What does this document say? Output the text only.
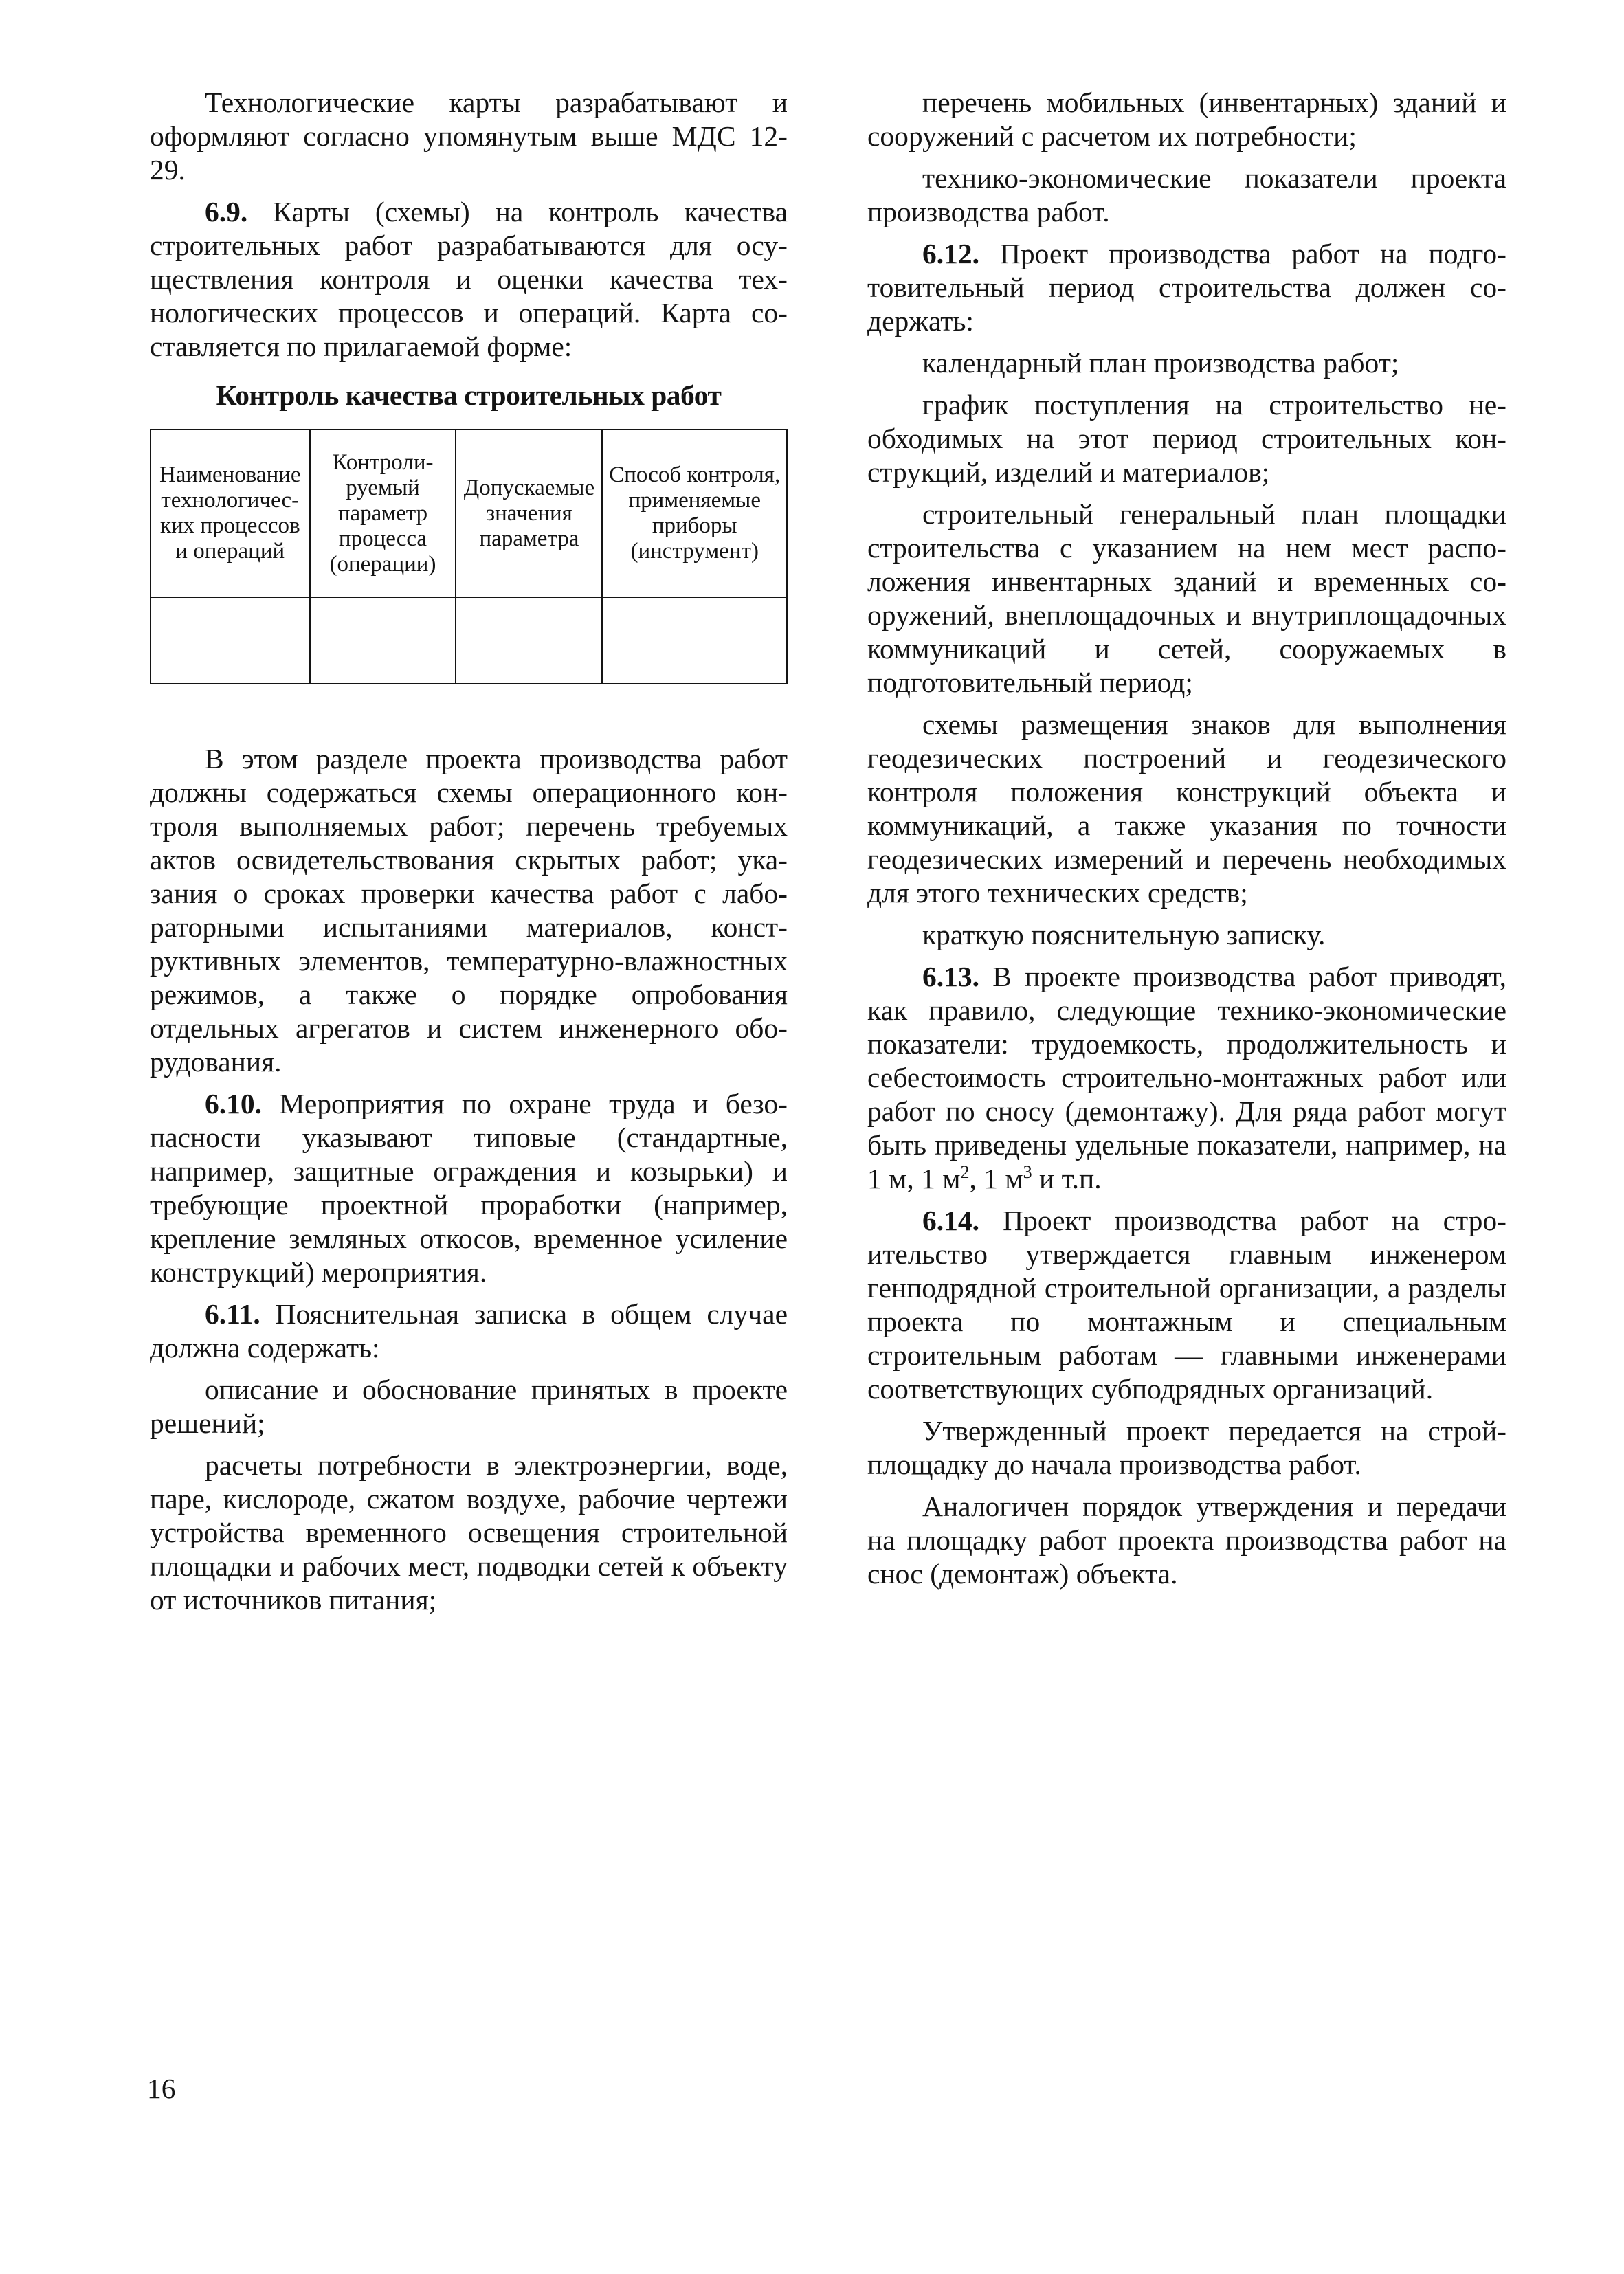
Технологические карты разрабатывают и оформляют согласно упомянутым выше МДС 12-29.

6.9. Карты (схемы) на контроль качества строительных работ разрабатываются для осуществления контроля и оценки качества технологических процессов и операций. Карта составляется по прилагаемой форме:

Контроль качества строительных работ

Наименование технологических процессов и операций	Контролируемый параметр процесса (операции)	Допускаемые значения параметра	Способ контроля, применяемые приборы (инструмент)

В этом разделе проекта производства работ должны содержаться схемы операционного контроля выполняемых работ; перечень требуемых актов освидетельствования скрытых работ; указания о сроках проверки качества работ с лабораторными испытаниями материалов, конструктивных элементов, температурно-влажностных режимов, а также о порядке опробования отдельных агрегатов и систем инженерного оборудования.

6.10. Мероприятия по охране труда и безопасности указывают типовые (стандартные, например, защитные ограждения и козырьки) и требующие проектной проработки (например, крепление земляных откосов, временное усиление конструкций) мероприятия.

6.11. Пояснительная записка в общем случае должна содержать:

описание и обоснование принятых в проекте решений;

расчеты потребности в электроэнергии, воде, паре, кислороде, сжатом воздухе, рабочие чертежи устройства временного освещения строительной площадки и рабочих мест, подводки сетей к объекту от источников питания;

перечень мобильных (инвентарных) зданий и сооружений с расчетом их потребности;

технико-экономические показатели проекта производства работ.

6.12. Проект производства работ на подготовительный период строительства должен содержать:

календарный план производства работ;

график поступления на строительство необходимых на этот период строительных конструкций, изделий и материалов;

строительный генеральный план площадки строительства с указанием на нем мест расположения инвентарных зданий и временных сооружений, внеплощадочных и внутриплощадочных коммуникаций и сетей, сооружаемых в подготовительный период;

схемы размещения знаков для выполнения геодезических построений и геодезического контроля положения конструкций объекта и коммуникаций, а также указания по точности геодезических измерений и перечень необходимых для этого технических средств;

краткую пояснительную записку.

6.13. В проекте производства работ приводят, как правило, следующие технико-экономические показатели: трудоемкость, продолжительность и себестоимость строительно-монтажных работ или работ по сносу (демонтажу). Для ряда работ могут быть приведены удельные показатели, например, на 1 м, 1 $м^2$, 1 $м^3$ и т.п.

6.14. Проект производства работ на строительство утверждается главным инженером генподрядной строительной организации, а разделы проекта по монтажным и специальным строительным работам — главными инженерами соответствующих субподрядных организаций.

Утвержденный проект передается на стройплощадку до начала производства работ.

Аналогичен порядок утверждения и передачи на площадку работ проекта производства работ на снос (демонтаж) объекта.

16
